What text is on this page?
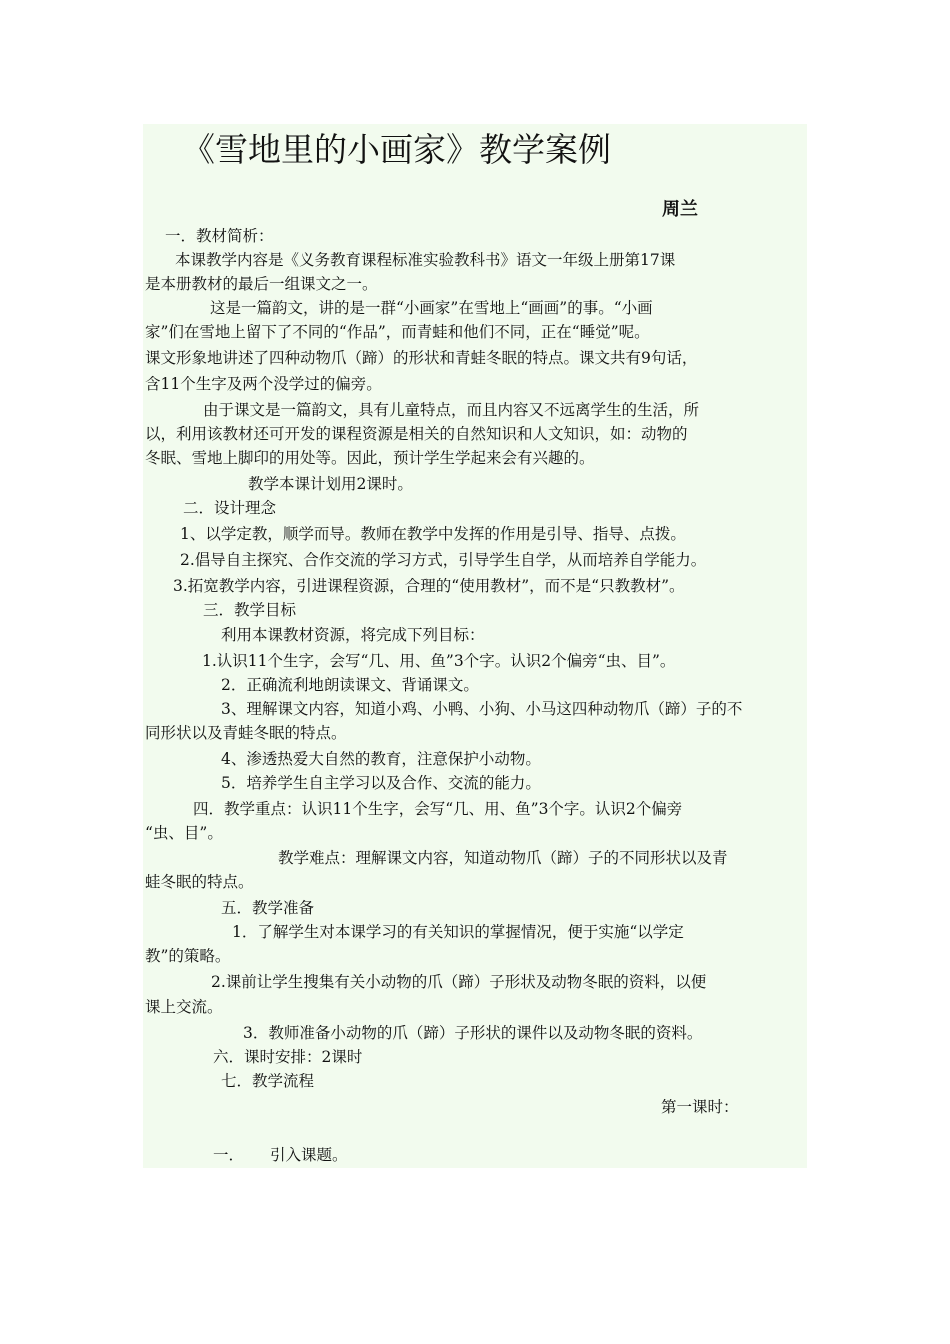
《雪地里的小画家》教学案例
周兰
一．教材简析：
本课教学内容是《义务教育课程标准实验教科书》语文一年级上册第17课
是本册教材的最后一组课文之一。
这是一篇韵文，讲的是一群“小画家”在雪地上“画画”的事。“小画
家”们在雪地上留下了不同的“作品”，而青蛙和他们不同，正在“睡觉”呢。
课文形象地讲述了四种动物爪（蹄）的形状和青蛙冬眠的特点。课文共有9句话，
含11个生字及两个没学过的偏旁。
由于课文是一篇韵文，具有儿童特点，而且内容又不远离学生的生活，所
以，利用该教材还可开发的课程资源是相关的自然知识和人文知识，如：动物的
冬眠、雪地上脚印的用处等。因此，预计学生学起来会有兴趣的。
教学本课计划用2课时。
二．设计理念
1、以学定教，顺学而导。教师在教学中发挥的作用是引导、指导、点拨。
2.倡导自主探究、合作交流的学习方式，引导学生自学，从而培养自学能力。
3.拓宽教学内容，引进课程资源，合理的“使用教材”，而不是“只教教材”。
三．教学目标
利用本课教材资源，将完成下列目标：
1.认识11个生字，会写“几、用、鱼”3个字。认识2个偏旁“虫、目”。
2．正确流利地朗读课文、背诵课文。
3、理解课文内容，知道小鸡、小鸭、小狗、小马这四种动物爪（蹄）子的不
同形状以及青蛙冬眠的特点。
4、渗透热爱大自然的教育，注意保护小动物。
5．培养学生自主学习以及合作、交流的能力。
四．教学重点：认识11个生字，会写“几、用、鱼”3个字。认识2个偏旁
“虫、目”。
教学难点：理解课文内容，知道动物爪（蹄）子的不同形状以及青
蛙冬眠的特点。
五．教学准备
1．了解学生对本课学习的有关知识的掌握情况，便于实施“以学定
教”的策略。
2.课前让学生搜集有关小动物的爪（蹄）子形状及动物冬眠的资料，以便
课上交流。
3．教师准备小动物的爪（蹄）子形状的课件以及动物冬眠的资料。
六．课时安排：2课时
七．教学流程
第一课时：
一． 引入课题。
